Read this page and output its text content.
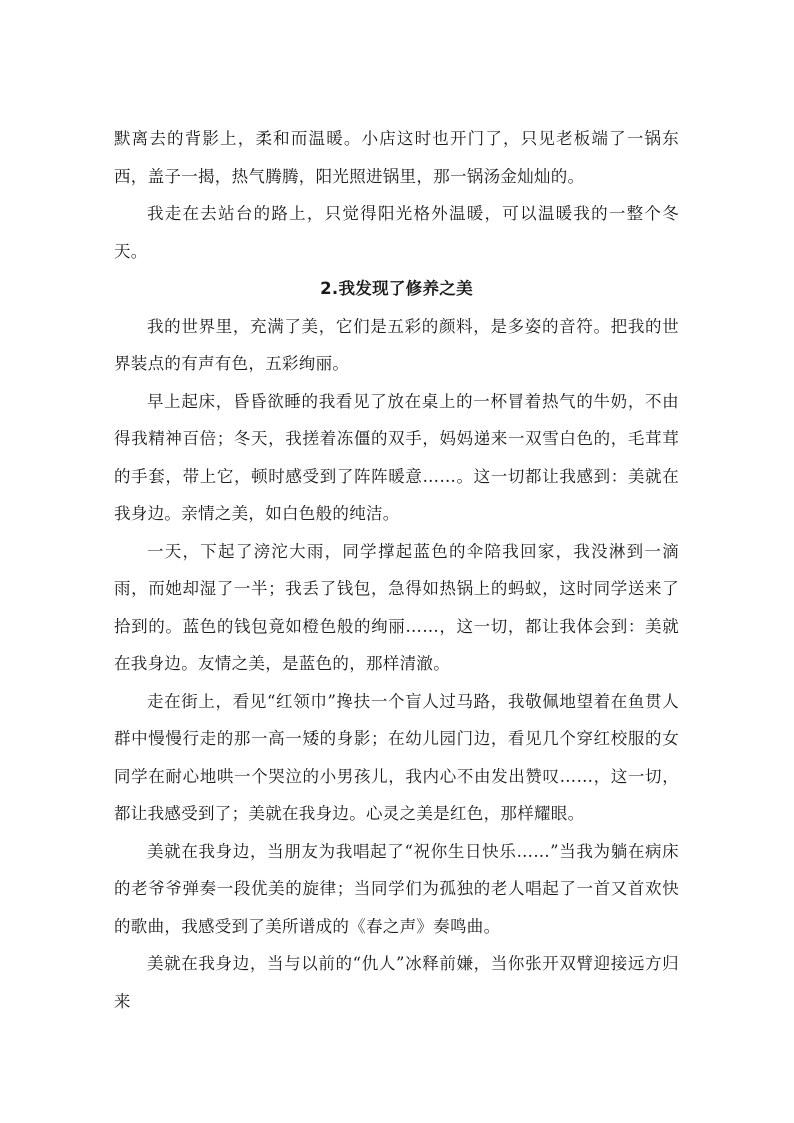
默离去的背影上，柔和而温暖。小店这时也开门了，只见老板端了一锅东西，盖子一揭，热气腾腾，阳光照进锅里，那一锅汤金灿灿的。

我走在去站台的路上，只觉得阳光格外温暖，可以温暖我的一整个冬天。

2.我发现了修养之美

我的世界里，充满了美，它们是五彩的颜料，是多姿的音符。把我的世界装点的有声有色，五彩绚丽。

早上起床，昏昏欲睡的我看见了放在桌上的一杯冒着热气的牛奶，不由得我精神百倍；冬天，我搓着冻僵的双手，妈妈递来一双雪白色的，毛茸茸的手套，带上它，顿时感受到了阵阵暖意……。这一切都让我感到：美就在我身边。亲情之美，如白色般的纯洁。

一天，下起了滂沱大雨，同学撑起蓝色的伞陪我回家，我没淋到一滴雨，而她却湿了一半；我丢了钱包，急得如热锅上的蚂蚁，这时同学送来了拾到的。蓝色的钱包竟如橙色般的绚丽……，这一切，都让我体会到：美就在我身边。友情之美，是蓝色的，那样清澈。

走在街上，看见“红领巾”搀扶一个盲人过马路，我敬佩地望着在鱼贯人群中慢慢行走的那一高一矮的身影；在幼儿园门边，看见几个穿红校服的女同学在耐心地哄一个哭泣的小男孩儿，我内心不由发出赞叹……，这一切，都让我感受到了；美就在我身边。心灵之美是红色，那样耀眼。

美就在我身边，当朋友为我唱起了“祝你生日快乐……”当我为躺在病床的老爷爷弹奏一段优美的旋律；当同学们为孤独的老人唱起了一首又首欢快的歌曲，我感受到了美所谱成的《春之声》奏鸣曲。

美就在我身边，当与以前的“仇人”冰释前嫌，当你张开双臂迎接远方归来
